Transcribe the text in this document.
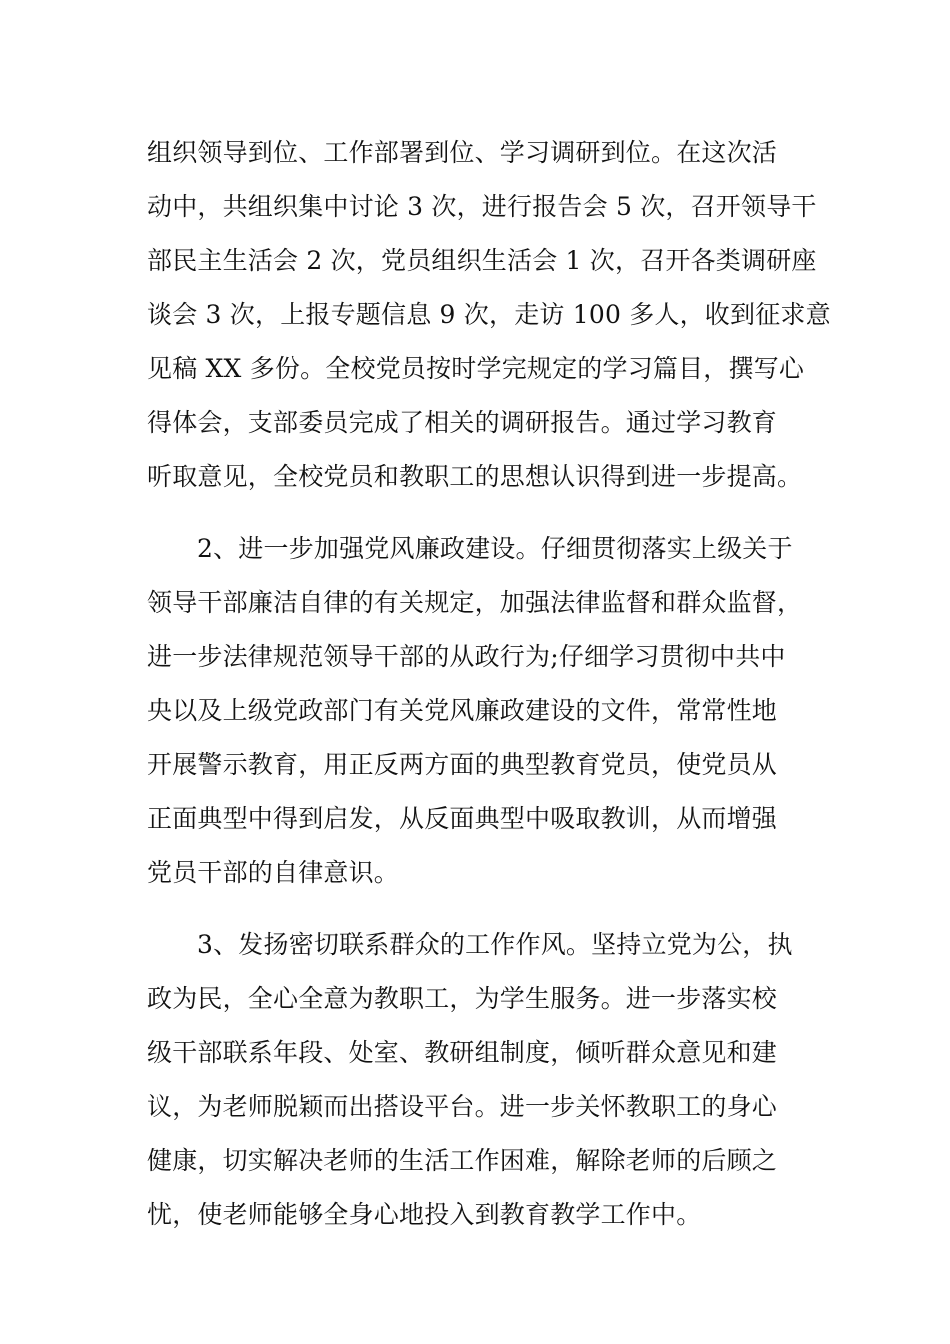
组织领导到位、工作部署到位、学习调研到位。在这次活
动中，共组织集中讨论 3 次，进行报告会 5 次，召开领导干
部民主生活会 2 次，党员组织生活会 1 次，召开各类调研座
谈会 3 次，上报专题信息 9 次，走访 100 多人，收到征求意
见稿 XX 多份。全校党员按时学完规定的学习篇目，撰写心
得体会，支部委员完成了相关的调研报告。通过学习教育
听取意见，全校党员和教职工的思想认识得到进一步提高。
2、进一步加强党风廉政建设。仔细贯彻落实上级关于
领导干部廉洁自律的有关规定，加强法律监督和群众监督，
进一步法律规范领导干部的从政行为;仔细学习贯彻中共中
央以及上级党政部门有关党风廉政建设的文件，常常性地
开展警示教育，用正反两方面的典型教育党员，使党员从
正面典型中得到启发，从反面典型中吸取教训，从而增强
党员干部的自律意识。
3、发扬密切联系群众的工作作风。坚持立党为公，执
政为民，全心全意为教职工，为学生服务。进一步落实校
级干部联系年段、处室、教研组制度，倾听群众意见和建
议，为老师脱颖而出搭设平台。进一步关怀教职工的身心
健康，切实解决老师的生活工作困难，解除老师的后顾之
忧，使老师能够全身心地投入到教育教学工作中。
